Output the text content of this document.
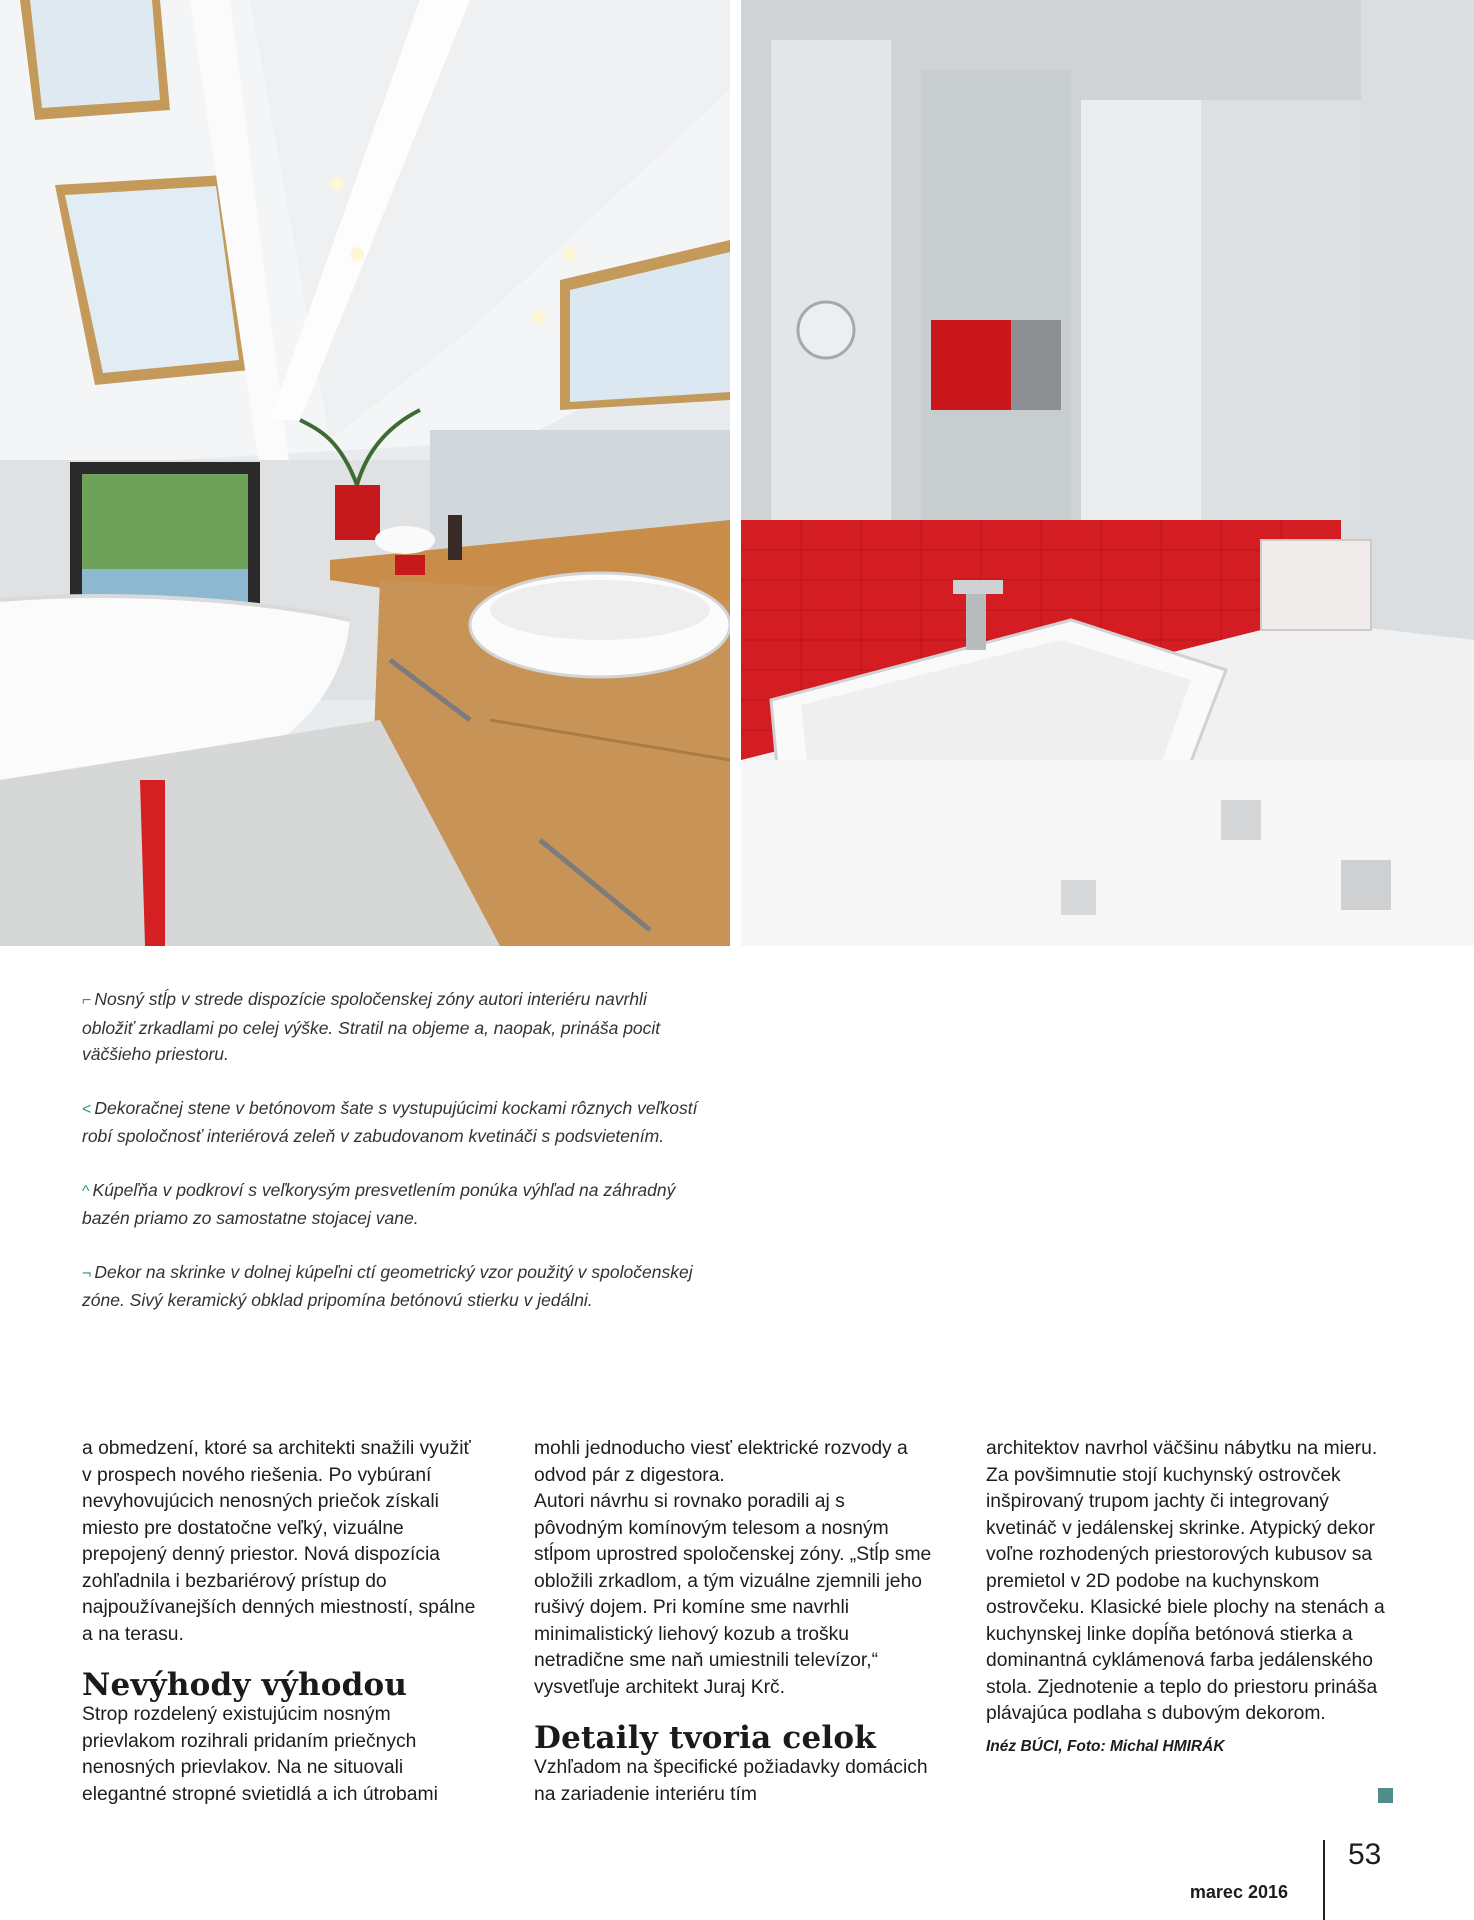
⌐ Nosný stĺp v strede dispozície spoločenskej zóny autori interiéru navrhli obložiť zrkadlami po celej výške. Stratil na objeme a, naopak, prináša pocit väčšieho priestoru.

< Dekoračnej stene v betónovom šate s vystupujúcimi kockami rôznych veľkostí robí spoločnosť interiérová zeleň v zabudovanom kvetináči s podsvietením.

^ Kúpeľňa v podkroví s veľkorysým presvetlením ponúka výhľad na záhradný bazén priamo zo samostatne stojacej vane.

¬ Dekor na skrinke v dolnej kúpeľni ctí geometrický vzor použitý v spoločenskej zóne. Sivý keramický obklad pripomína betónovú stierku v jedálni.

a obmedzení, ktoré sa architekti snažili využiť v prospech nového riešenia. Po vybúraní nevyhovujúcich nenosných priečok získali miesto pre dostatočne veľký, vizuálne prepojený denný priestor. Nová dispozícia zohľadnila i bezbariérový prístup do najpoužívanejších denných miestností, spálne a na terasu.

Nevýhody výhodou

Strop rozdelený existujúcim nosným prievlakom rozihrali pridaním priečnych nenosných prievlakov. Na ne situovali elegantné stropné svietidlá a ich útrobami

mohli jednoducho viesť elektrické rozvody a odvod pár z digestora.

Autori návrhu si rovnako poradili aj s pôvodným komínovým telesom a nosným stĺpom uprostred spoločenskej zóny. „Stĺp sme obložili zrkadlom, a tým vizuálne zjemnili jeho rušivý dojem. Pri komíne sme navrhli minimalistický liehový kozub a trošku netradične sme naň umiestnili televízor,“ vysvetľuje architekt Juraj Krč.

Detaily tvoria celok

Vzhľadom na špecifické požiadavky domácich na zariadenie interiéru tím

architektov navrhol väčšinu nábytku na mieru. Za povšimnutie stojí kuchynský ostrovček inšpirovaný trupom jachty či integrovaný kvetináč v jedálenskej skrinke. Atypický dekor voľne rozhodených priestorových kubusov sa premietol v 2D podobe na kuchynskom ostrovčeku. Klasické biele plochy na stenách a kuchynskej linke dopĺňa betónová stierka a dominantná cyklámenová farba jedálenského stola. Zjednotenie a teplo do priestoru prináša plávajúca podlaha s dubovým dekorom.

Inéz BÚCI, Foto: Michal HMIRÁK
marec 2016
53
